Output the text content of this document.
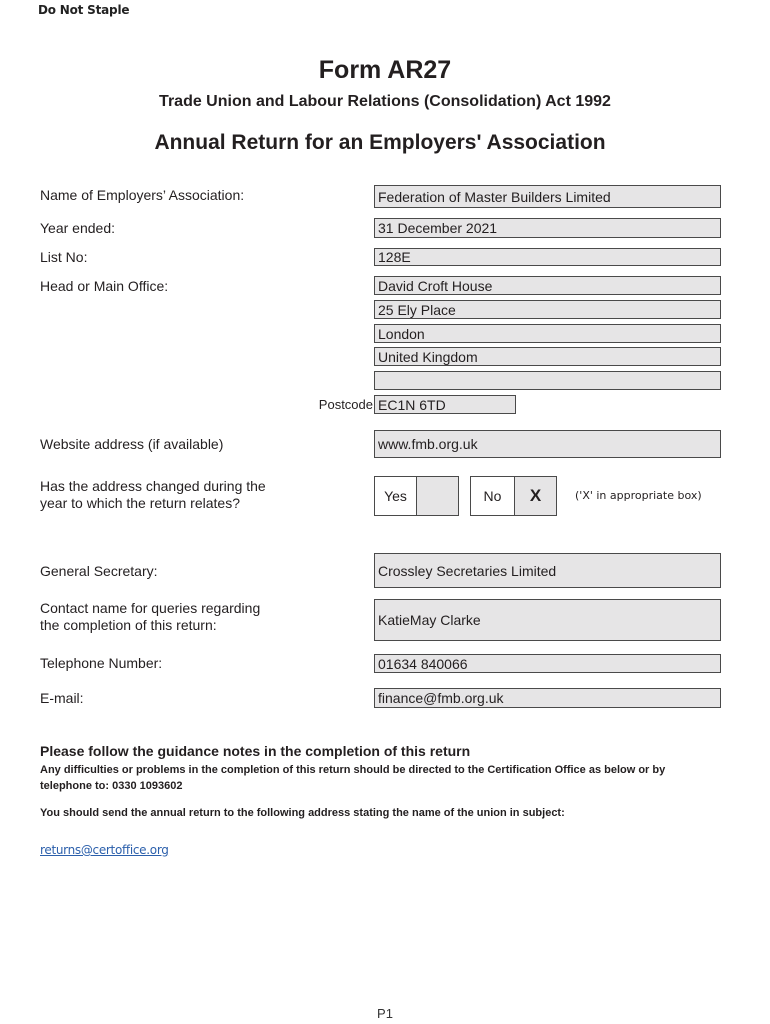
Do Not Staple
Form AR27
Trade Union and Labour Relations (Consolidation) Act 1992
Annual Return for an Employers' Association
Name of Employers’ Association:	Federation of Master Builders Limited
Year ended:	31 December 2021
List No:	128E
Head or Main Office:	David Croft House
25 Ely Place
London
United Kingdom
Postcode EC1N 6TD
Website address (if available)	www.fmb.org.uk
Has the address changed during the
year to which the return relates?	Yes	No	X	('X' in appropriate box)
General Secretary:	Crossley Secretaries Limited
Contact name for queries regarding
the completion of this return:	KatieMay Clarke
Telephone Number:	01634 840066
E-mail:	finance@fmb.org.uk
Please follow the guidance notes in the completion of this return
Any difficulties or problems in the completion of this return should be directed to the Certification Office as below or by telephone to: 0330 1093602
You should send the annual return to the following address stating the name of the union in subject:
returns@certoffice.org
P1
